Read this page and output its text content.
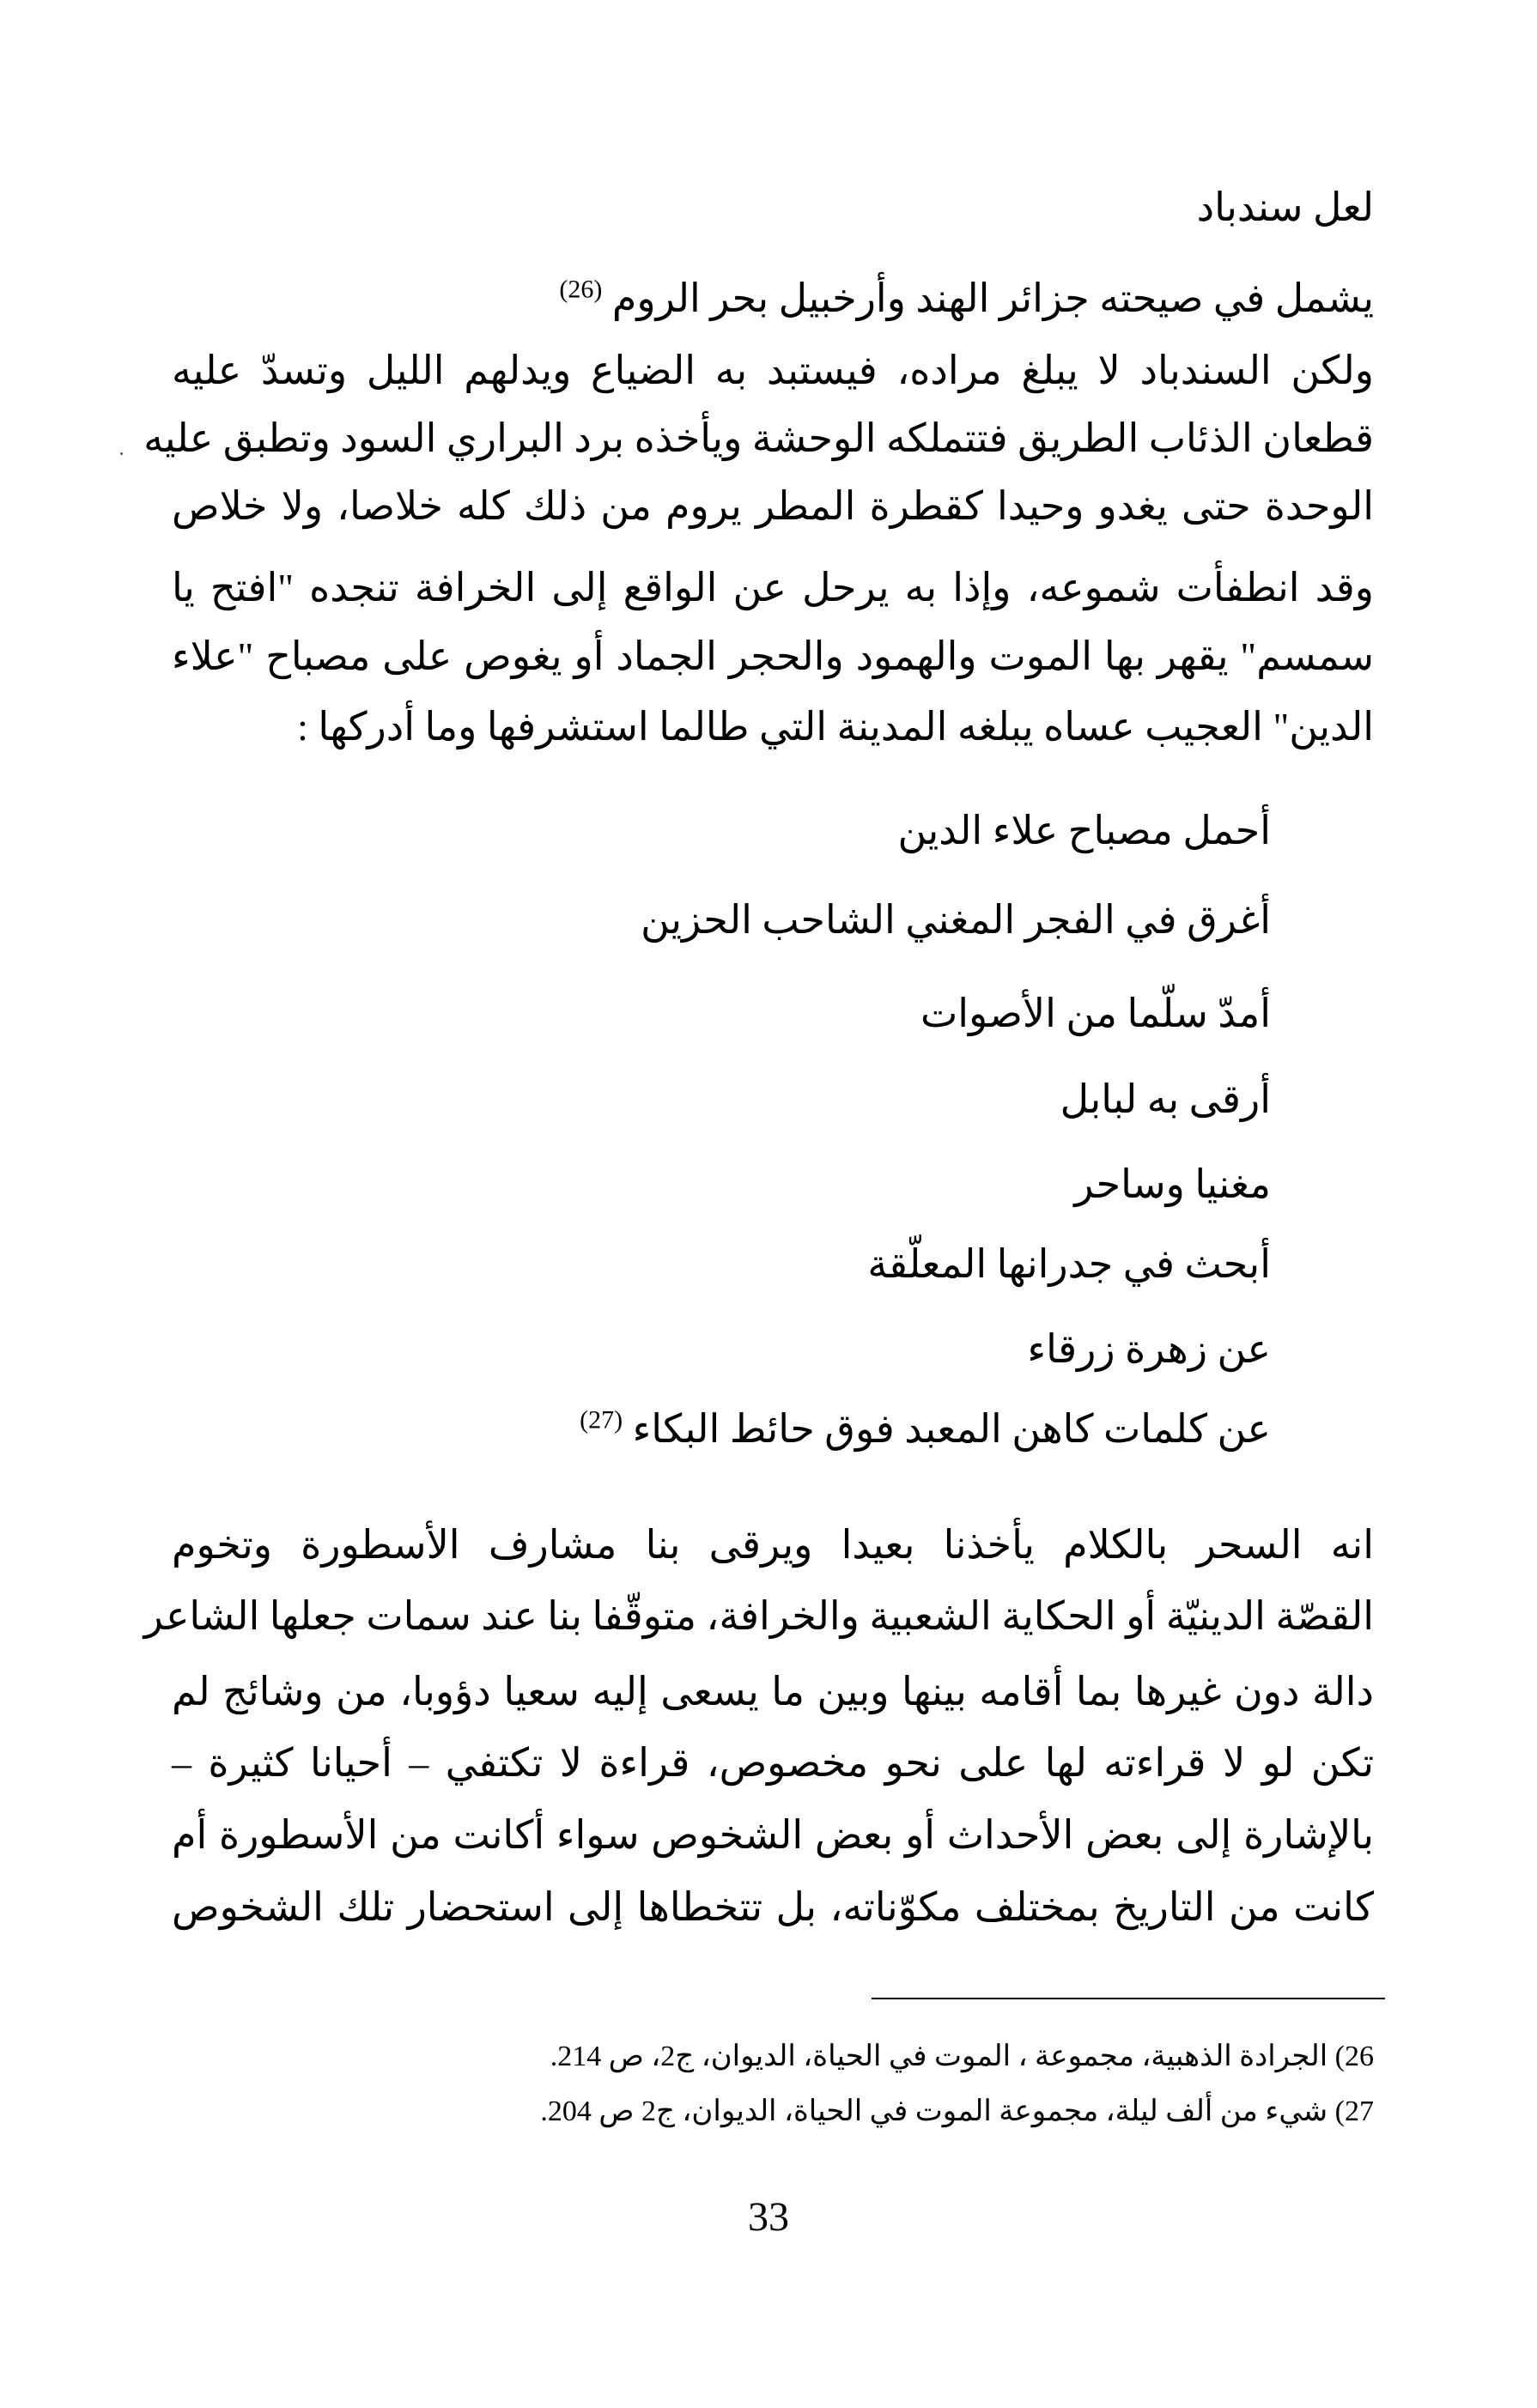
لعل سندباد
يشمل في صيحته جزائر الهند وأرخبيل بحر الروم $^{(26)}$
ولكن السندباد لا يبلغ مراده، فيستبد به الضياع ويدلهم الليل وتسدّ عليه
قطعان الذئاب الطريق فتتملكه الوحشة ويأخذه برد البراري السود وتطبق عليه
الوحدة حتى يغدو وحيدا كقطرة المطر يروم من ذلك كله خلاصا، ولا خلاص
وقد انطفأت شموعه، وإذا به يرحل عن الواقع إلى الخرافة تنجده "افتح يا
سمسم" يقهر بها الموت والهمود والحجر الجماد أو يغوص على مصباح "علاء
الدين" العجيب عساه يبلغه المدينة التي طالما استشرفها وما أدركها :
أحمل مصباح علاء الدين
أغرق في الفجر المغني الشاحب الحزين
أمدّ سلّما من الأصوات
أرقى به لبابل
مغنيا وساحر
أبحث في جدرانها المعلّقة
عن زهرة زرقاء
عن كلمات كاهن المعبد فوق حائط البكاء $^{(27)}$
انه السحر بالكلام يأخذنا بعيدا ويرقى بنا مشارف الأسطورة وتخوم
القصّة الدينيّة أو الحكاية الشعبية والخرافة، متوقّفا بنا عند سمات جعلها الشاعر
دالة دون غيرها بما أقامه بينها وبين ما يسعى إليه سعيا دؤوبا، من وشائج لم
تكن لو لا قراءته لها على نحو مخصوص، قراءة لا تكتفي – أحيانا كثيرة –
بالإشارة إلى بعض الأحداث أو بعض الشخوص سواء أكانت من الأسطورة أم
كانت من التاريخ بمختلف مكوّناته، بل تتخطاها إلى استحضار تلك الشخوص
26) الجرادة الذهبية، مجموعة ، الموت في الحياة، الديوان، ج2، ص 214.
27) شيء من ألف ليلة، مجموعة الموت في الحياة، الديوان، ج2 ص 204.
33
